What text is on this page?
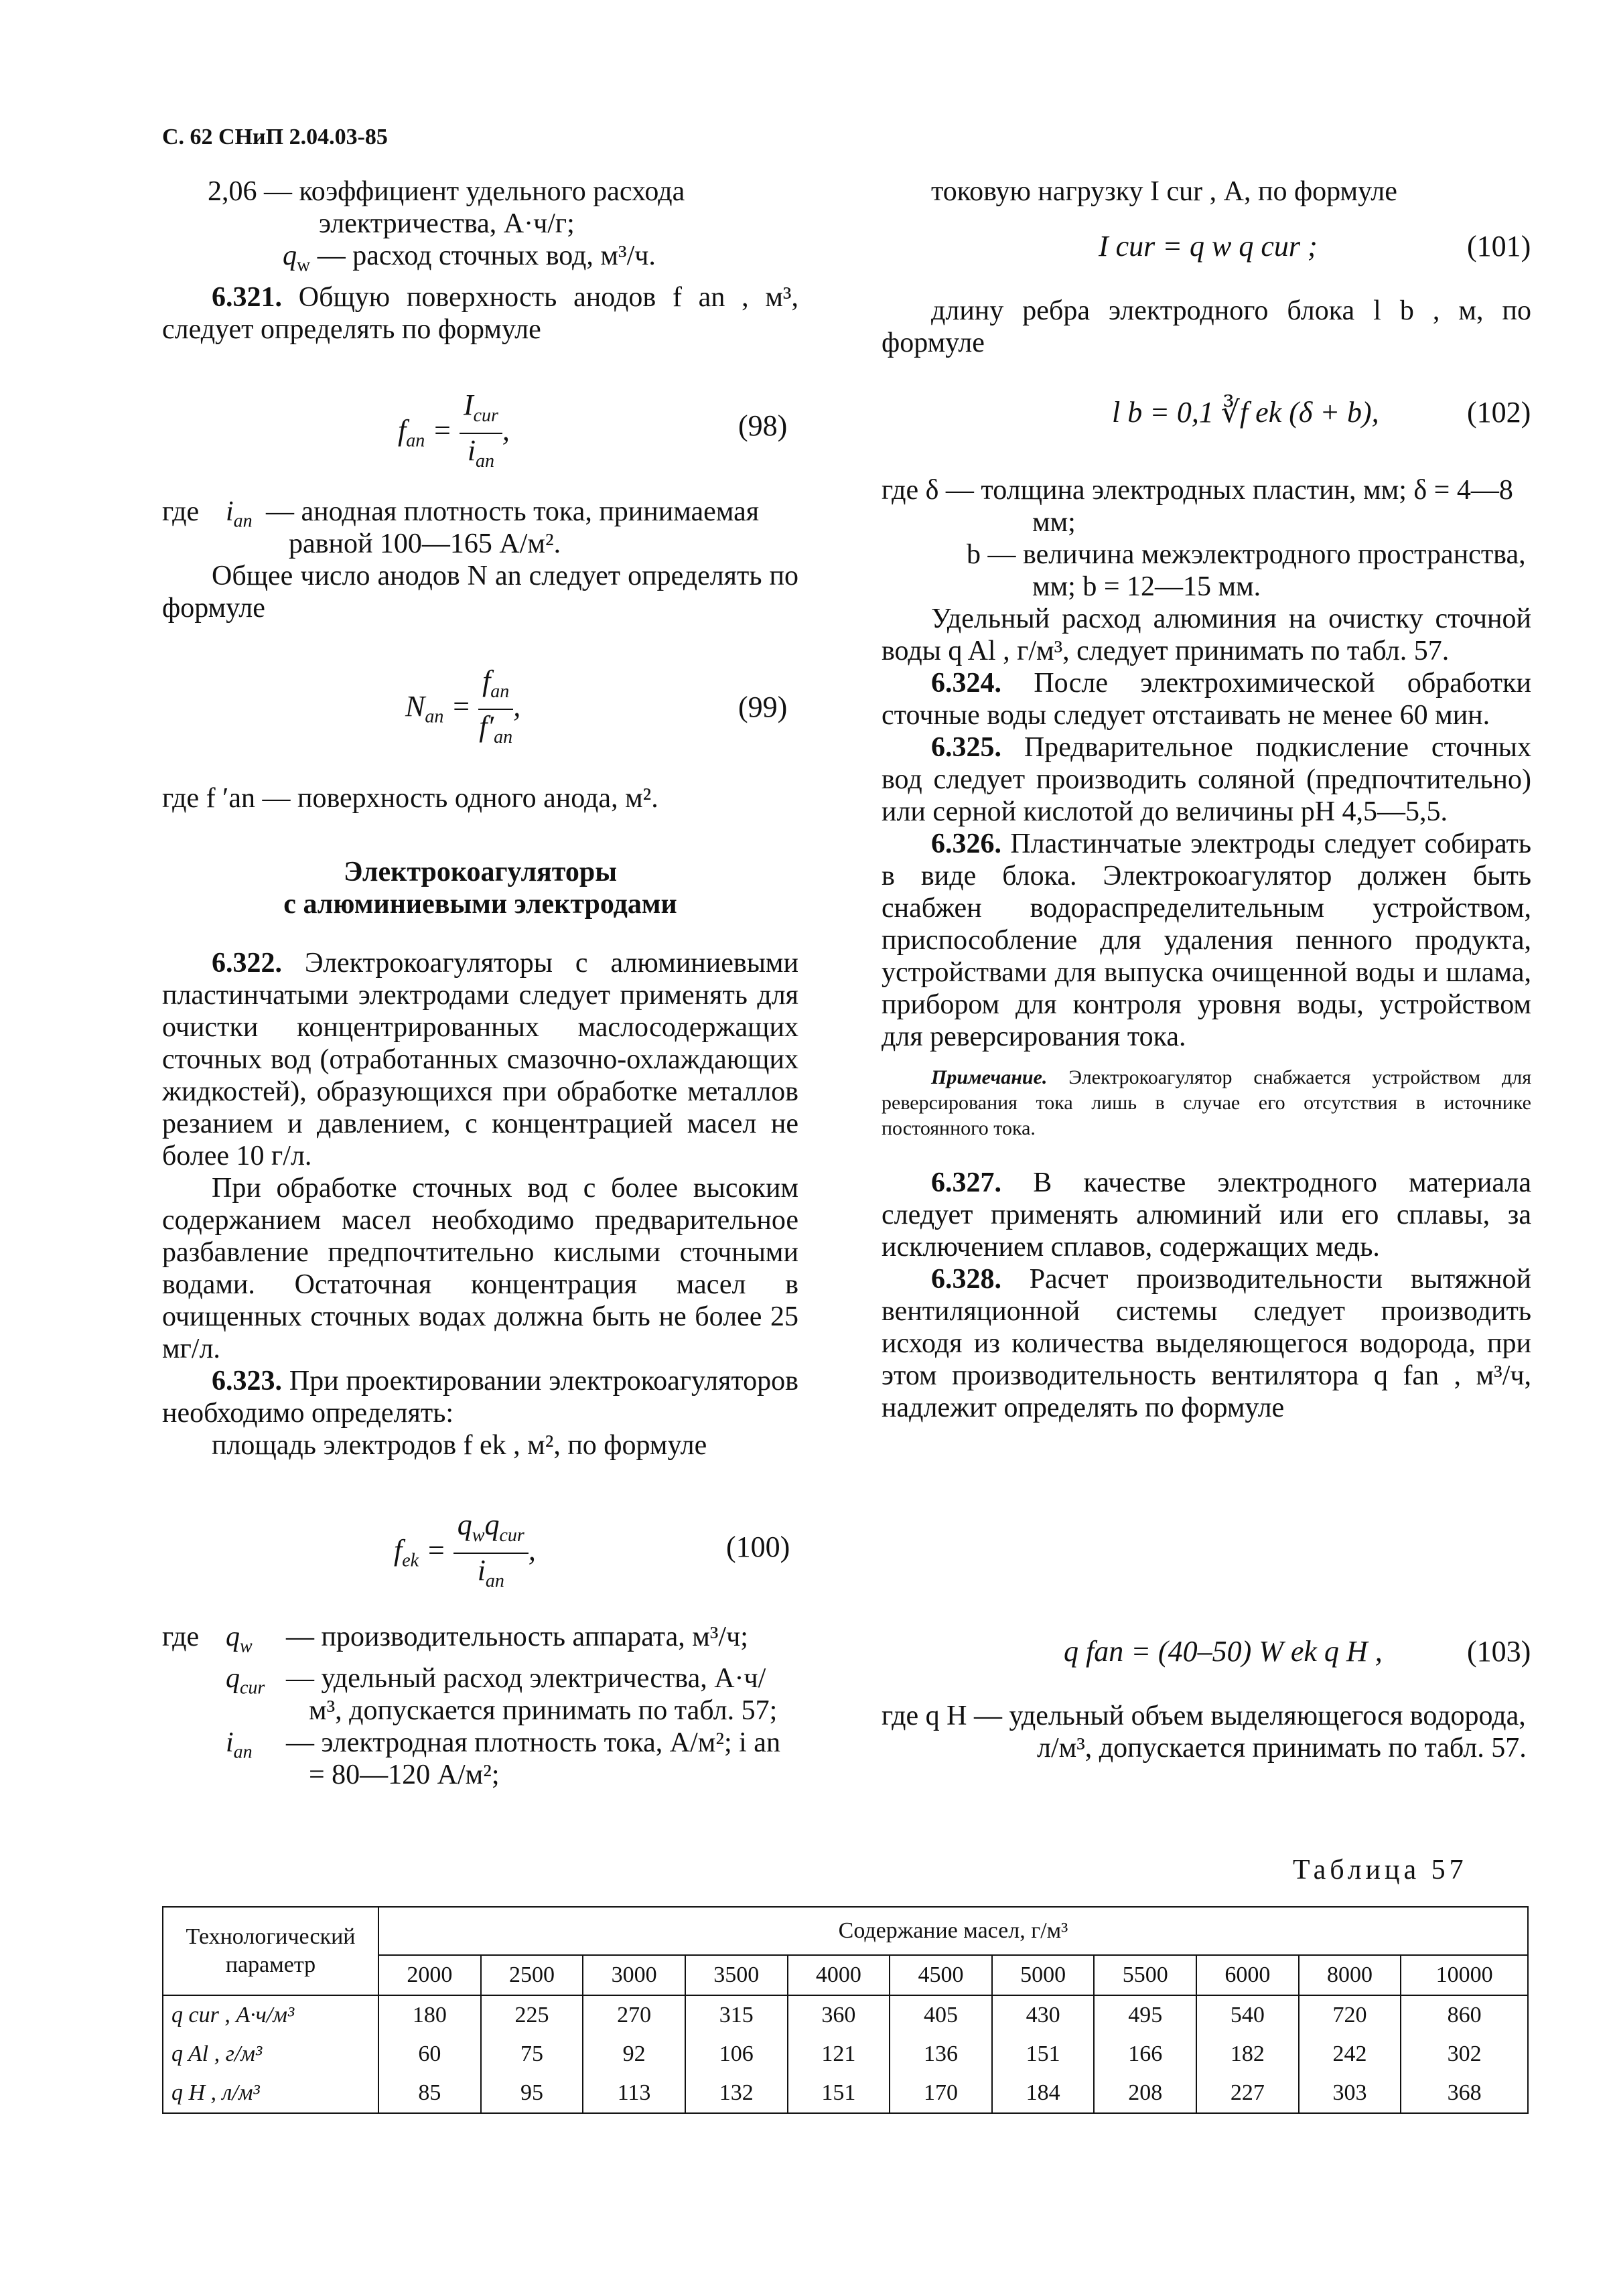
С. 62 СНиП 2.04.03-85
2,06 — коэффициент удельного расхода электричества, А·ч/г;
$q_w$ — расход сточных вод, м³/ч.

6.321. Общую поверхность анодов f an , м³, следует определять по формуле

$f_{an} = \frac{I_{cur}}{i_{an}}$ ,	(98)
где $i_{an}$ — анодная плотность тока, принимаемая равной 100—165 А/м².

Общее число анодов N an следует определять по формуле

$N_{an} = \frac{f_{an}}{f'_{an}}$ ,	(99)
где f ′an — поверхность одного анода, м².
Электрокоагуляторы
с алюминиевыми электродами

6.322. Электрокоагуляторы с алюминиевыми пластинчатыми электродами следует применять для очистки концентрированных маслосодержащих сточных вод (отработанных смазочно-охлаждающих жидкостей), образующихся при обработке металлов резанием и давлением, с концентрацией масел не более 10 г/л.

При обработке сточных вод с более высоким содержанием масел необходимо предварительное разбавление предпочтительно кислыми сточными водами. Остаточная концентрация масел в очищенных сточных водах должна быть не более 25 мг/л.

6.323. При проектировании электрокоагуляторов необходимо определять:

площадь электродов f ek , м², по формуле

$f_{ek} = \frac{q_wq_{cur}}{i_{an}}$ ,	(100)
где $q_w$	— производительность аппарата, м³/ч;
$q_{cur}$ — удельный расход электричества, А·ч/м³, допускается принимать по табл. 57;
$i_{an}$	— электродная плотность тока, А/м²; i an = 80—120 А/м²;

токовую нагрузку I cur , А, по формуле

I cur = q w q cur ;	(101)

длину ребра электродного блока l b , м, по формуле

l b = 0,1 ∛f ek (δ + b),	(102)
где δ — толщина электродных пластин, мм; δ = 4—8 мм;
b — величина межэлектродного пространства, мм; b = 12—15 мм.

Удельный расход алюминия на очистку сточной воды q Al , г/м³, следует принимать по табл. 57.

6.324. После электрохимической обработки сточные воды следует отстаивать не менее 60 мин.

6.325. Предварительное подкисление сточных вод следует производить соляной (предпочтительно) или серной кислотой до величины pH 4,5—5,5.

6.326. Пластинчатые электроды следует собирать в виде блока. Электрокоагулятор должен быть снабжен водораспределительным устройством, приспособление для удаления пенного продукта, устройствами для выпуска очищенной воды и шлама, прибором для контроля уровня воды, устройством для реверсирования тока.

Примечание. Электрокоагулятор снабжается устройством для реверсирования тока лишь в случае его отсутствия в источнике постоянного тока.

6.327. В качестве электродного материала следует применять алюминий или его сплавы, за исключением сплавов, содержащих медь.

6.328. Расчет производительности вытяжной вентиляционной системы следует производить исходя из количества выделяющегося водорода, при этом производительность вентилятора q fan , м³/ч, надлежит определять по формуле

q fan = (40–50) W ek q H ,	(103)
где q H — удельный объем выделяющегося водорода, л/м³, допускается принимать по табл. 57.
Таблица 57
Технологический параметр	Содержание масел, г/м³										
	2000	2500	3000	3500	4000	4500	5000	5500	6000	8000	10000
q cur , А·ч/м³	180	225	270	315	360	405	430	495	540	720	860
q Al , г/м³	60	75	92	106	121	136	151	166	182	242	302
q H , л/м³	85	95	113	132	151	170	184	208	227	303	368
